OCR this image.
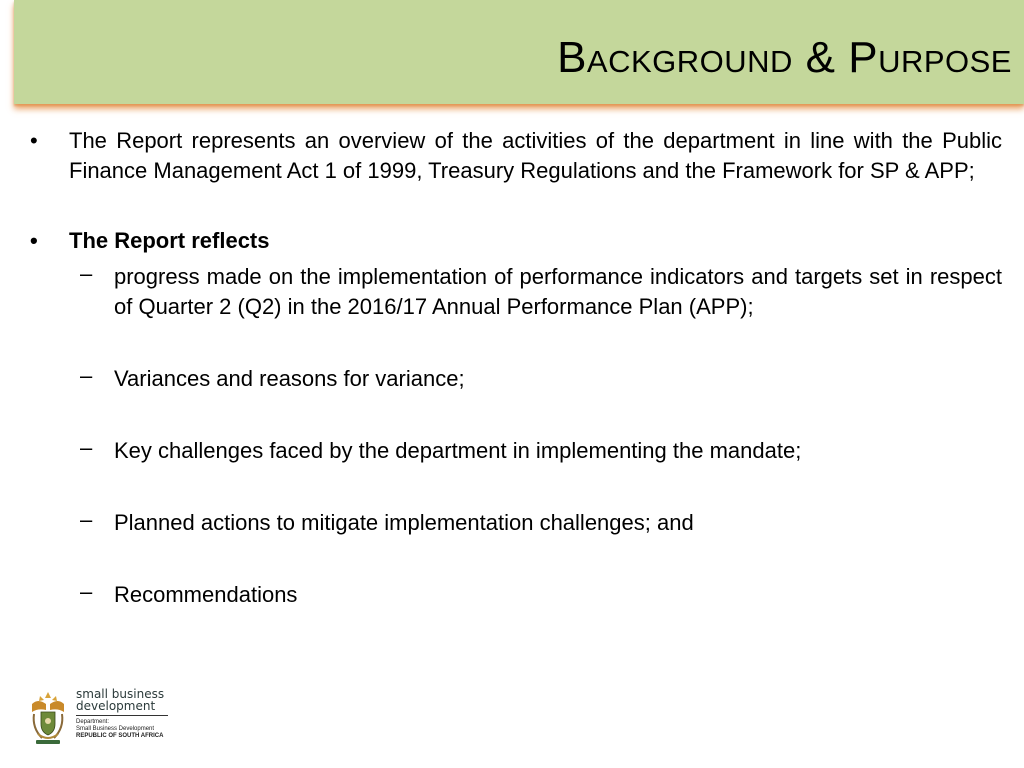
Background & Purpose
• The Report represents an overview of the activities of the department in line with the Public Finance Management Act 1 of 1999, Treasury Regulations and the Framework for SP & APP;
• The Report reflects
– progress made on the implementation of performance indicators and targets set in respect of Quarter 2 (Q2) in the 2016/17 Annual Performance Plan (APP);
– Variances and reasons for variance;
– Key challenges faced by the department in implementing the mandate;
– Planned actions to mitigate implementation challenges; and
– Recommendations
small business
development
Department:
Small Business Development
REPUBLIC OF SOUTH AFRICA
